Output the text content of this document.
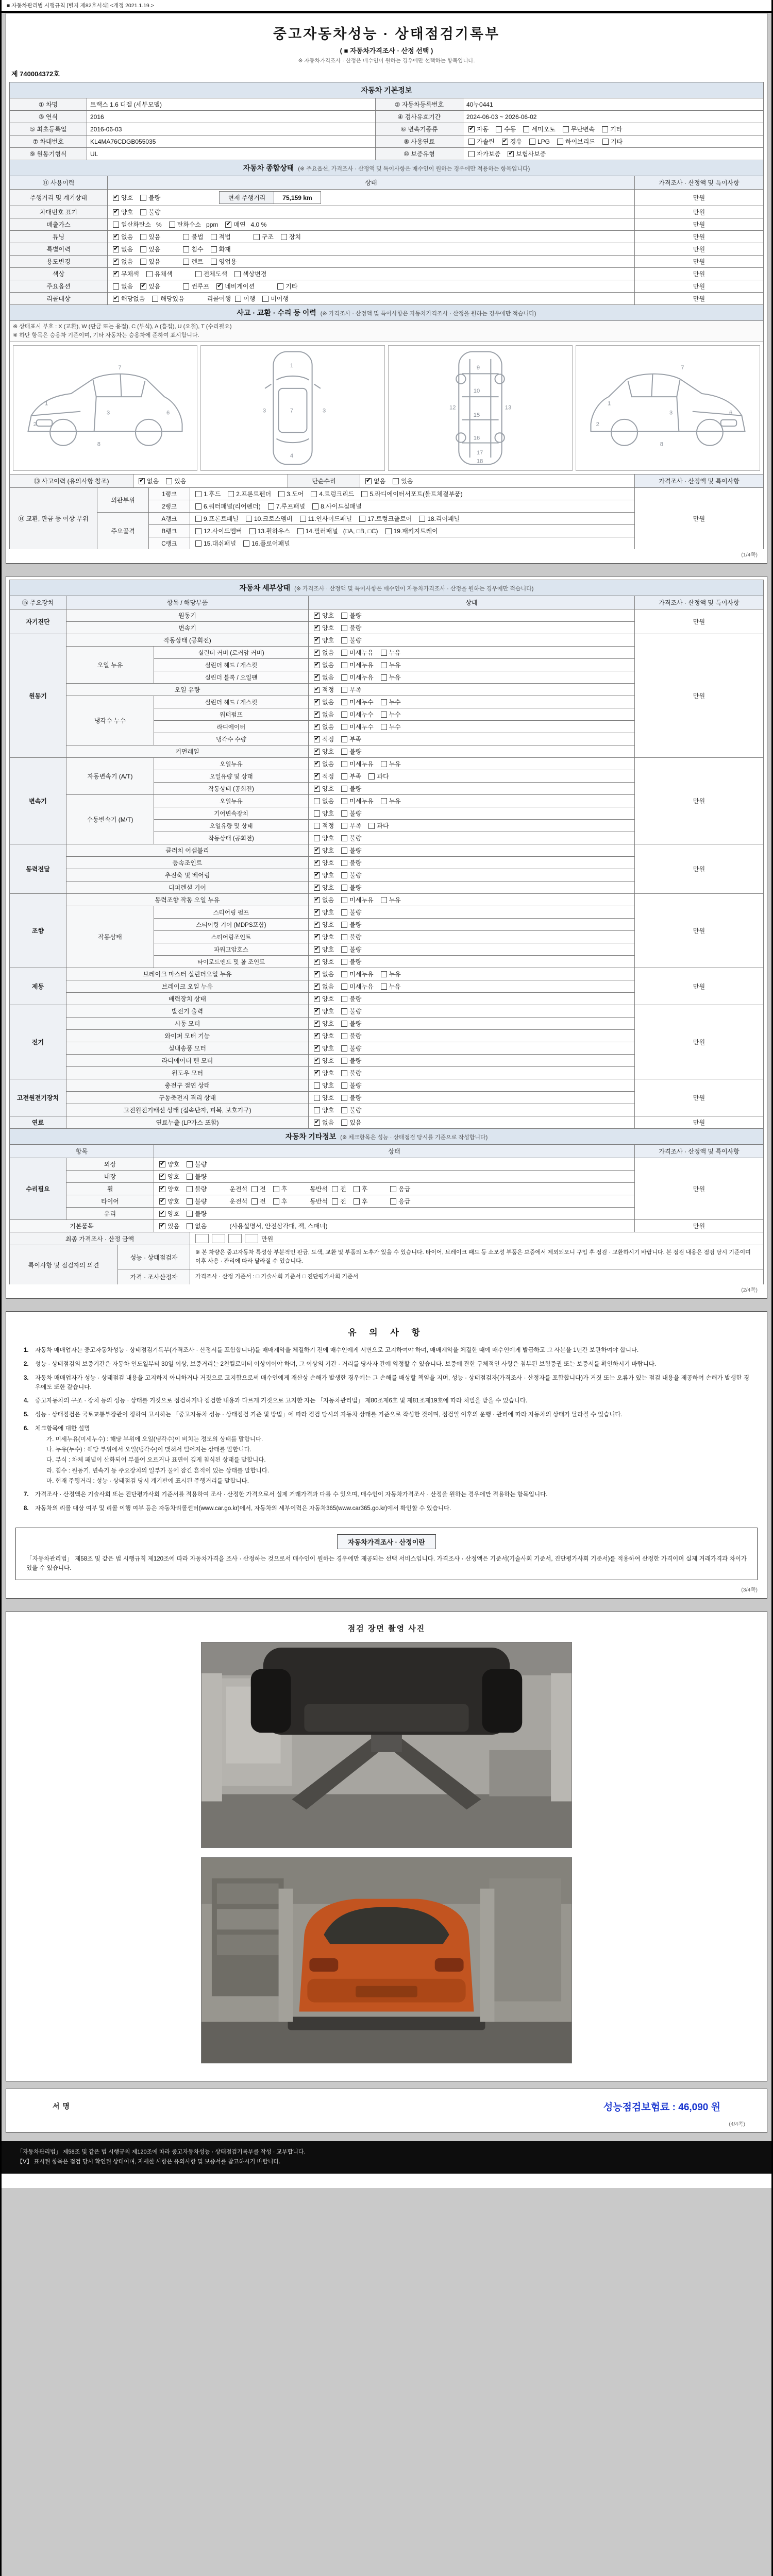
■ 자동차관리법 시행규칙 [별지 제82호서식] <개정 2021.1.19.>
중고자동차성능 · 상태점검기록부
( ■ 자동차가격조사 · 산정 선택 )
※ 자동차가격조사 · 산정은 매수인이 원하는 경우에만 선택하는 항목입니다.
제 740004372호
자동차 기본정보			
① 차명	트랙스 1.6 디젤 (세부모델)	② 자동차등록번호	40누0441
③ 연식	2016	④ 검사유효기간	2024-06-03 ~ 2026-06-02
⑤ 최초등록일	2016-06-03	⑥ 변속기종류	✔자동 수동 세미오토 무단변속 기타
⑦ 차대번호	KL4MA76CDGB055035	⑧ 사용연료	가솔린 ✔ 경유 LPG 하이브리드 기타
⑨ 원동기형식	UL	⑩ 보증유형	자가보증 ✔ 보험사보증
자동차 종합상태 (※ 주요옵션, 가격조사 · 산정액 및 특이사항은 매수인이 원하는 경우에만 적용하는 항목입니다)
⑪ 사용이력	상태	가격조사 · 산정액 및 특이사항
주행거리 및 계기상태	
✔양호	불량	현재 주행거리	75,159 km
		만원
차대번호 표기	✔양호	불량	만원
배출가스	일산화탄소 %	탄화수소 ppm ✔	매연 4.0 %	만원
튜닝	✔없음	있음	불법	적법	구조	장치	만원
특별이력	✔없음	있음	침수	화재	만원
용도변경	✔없음	있음	렌트	영업용	만원
색상	✔무채색	유채색	전체도색	색상변경	만원
주요옵션	없음 ✔	있음	썬루프 ✔	네비게이션	기타	만원
리콜대상	✔해당없음	해당있음	리콜이행 이행	미이행	만원
사고 · 교환 · 수리 등 이력 (※ 가격조사 · 산정액 및 특이사항은 자동차가격조사 · 산정을 원하는 경우에만 적습니다)

※ 상태표시 부호 : X (교환), W (판금 또는 용접), C (부식), A (흠집), U (요철), T (수리필요)
※ 하단 항목은 승용차 기준이며, 기타 자동차는 승용차에 준하여 표시합니다.

1
2
3	6
7
8
1
7
4
3	3
9
10
12	13
15
16
17
18
1
2
3	6
7
8
⑬ 사고이력 (유의사항 참조)	✔없음	있음	단순수리	✔없음	있음	가격조사 · 산정액 및 특이사항
⑭ 교환, 판금 등 이상 부위	외판부위	1랭크	1.후드 2.프론트펜더 3.도어 4.트렁크리드 5.라디에이터서포트(볼트체결부품)	만원
		2랭크	6.쿼터패널(리어펜더) 7.루프패널 8.사이드실패널	
	주요골격	A랭크	9.프론트패널 10.크로스멤버 11.인사이드패널 17.트렁크플로어 18.리어패널	
		B랭크	12.사이드멤버 13.휠하우스 14.필러패널 (□A, □B, □C) 19.패키지트레이	
		C랭크	15.대쉬패널 16.플로어패널	
(1/4쪽)
자동차 세부상태 (※ 가격조사 · 산정액 및 특이사항은 매수인이 자동차가격조사 · 산정을 원하는 경우에만 적습니다)				
⑮ 주요장치	항목 / 해당부품		상태	가격조사 · 산정액 및 특이사항
자기진단	원동기	✔양호 불량	만원
	변속기	✔양호 불량
원동기	작동상태 (공회전)	✔양호 불량	만원
	오일 누유	실린더 커버 (로커암 커버)	✔없음 미세누유 누유
		실린더 헤드 / 개스킷	✔없음 미세누유 누유
		실린더 블록 / 오일팬	✔없음 미세누유 누유
	오일 유량	✔적정 부족
	냉각수 누수	실린더 헤드 / 개스킷	✔없음 미세누수 누수
		워터펌프	✔없음 미세누수 누수
		라디에이터	✔없음 미세누수 누수
		냉각수 수량	✔적정 부족
	커먼레일	✔양호 불량
변속기	자동변속기 (A/T)	오일누유	✔없음 미세누유 누유	만원
		오일유량 및 상태	✔적정 부족 과다
		작동상태 (공회전)	✔양호 불량
	수동변속기 (M/T)	오일누유	없음 미세누유 누유	
		기어변속장치	양호 불량	
		오일유량 및 상태	적정 부족 과다	
		작동상태 (공회전)	양호 불량	
동력전달	클러치 어셈블리	✔양호 불량	만원
	등속조인트	✔양호 불량
	추진축 및 베어링	✔양호 불량
	디퍼렌셜 기어	✔양호 불량
조향	동력조향 작동 오일 누유	✔없음 미세누유 누유	만원
	작동상태	스티어링 펌프	✔양호 불량
		스티어링 기어 (MDPS포함)	✔양호 불량
		스티어링조인트	✔양호 불량
		파워고압호스	✔양호 불량
		타이로드엔드 및 볼 조인트	✔양호 불량
제동	브레이크 마스터 실린더오일 누유	✔없음 미세누유 누유	만원
	브레이크 오일 누유	✔없음 미세누유 누유
	배력장치 상태	✔양호 불량
전기	발전기 출력	✔양호 불량	만원
	시동 모터	✔양호 불량
	와이퍼 모터 기능	✔양호 불량
	실내송풍 모터	✔양호 불량
	라디에이터 팬 모터	✔양호 불량
	윈도우 모터	✔양호 불량
고전원전기장치	충전구 절연 상태		양호 불량	만원
	구동축전지 격리 상태		양호 불량	
	고전원전기배선 상태 (접속단자, 피복, 보호기구)		양호 불량	
연료	연료누출 (LP가스 포함)	✔없음 있음	만원
자동차 기타정보 (※ 체크항목은 성능 · 상태점검 당시를 기준으로 작성합니다)			
항목		상태	가격조사 · 산정액 및 특이사항
수리필요	외장	✔양호 불량	만원
	내장	✔양호 불량
	휠	✔양호 불량 운전석 전 후 동반석 전 후 응급
	타이어	✔양호 불량 운전석 전 후 동반석 전 후 응급
	유리	✔양호 불량
기본품목	✔있음 없음 (사용설명서, 안전삼각대, 잭, 스패너)	만원
최종 가격조사 · 산정 금액		만원
특이사항 및 점검자의 의견	성능 · 상태점검자	※ 본 차량은 중고자동차 특성상 부분적인 판금, 도색, 교환 및 부품의 노후가 있을 수 있습니다. 타이어, 브레이크 패드 등 소모성 부품은 보증에서 제외되오니 구입 후 점검 · 교환하시기 바랍니다. 본 점검 내용은 점검 당시 기준이며 이후 사용 · 관리에 따라 달라질 수 있습니다.
	가격 · 조사산정자	가격조사 · 산정 기준서 : □ 기술사회 기준서 □ 진단평가사회 기준서
(2/4쪽)
유 의 사 항
1.	자동차 매매업자는 중고자동차성능 · 상태점검기록부(가격조사 · 산정서를 포함합니다)를 매매계약을 체결하기 전에 매수인에게 서면으로 고지하여야 하며, 매매계약을 체결한 때에 매수인에게 발급하고 그 사본을 1년간 보관하여야 합니다.
2.	성능 · 상태점검의 보증기간은 자동차 인도일부터 30일 이상, 보증거리는 2천킬로미터 이상이어야 하며, 그 이상의 기간 · 거리를 당사자 간에 약정할 수 있습니다. 보증에 관한 구체적인 사항은 첨부된 보험증권 또는 보증서를 확인하시기 바랍니다.
3.	자동차 매매업자가 성능 · 상태점검 내용을 고지하지 아니하거나 거짓으로 고지함으로써 매수인에게 재산상 손해가 발생한 경우에는 그 손해를 배상할 책임을 지며, 성능 · 상태점검자(가격조사 · 산정자를 포함합니다)가 거짓 또는 오류가 있는 점검 내용을 제공하여 손해가 발생한 경우에도 또한 같습니다.
4.	중고자동차의 구조 · 장치 등의 성능 · 상태를 거짓으로 점검하거나 점검한 내용과 다르게 거짓으로 고지한 자는 「자동차관리법」 제80조제6호 및 제81조제19호에 따라 처벌을 받을 수 있습니다.
5.	성능 · 상태점검은 국토교통부장관이 정하여 고시하는 「중고자동차 성능 · 상태점검 기준 및 방법」에 따라 점검 당시의 자동차 상태를 기준으로 작성한 것이며, 점검일 이후의 운행 · 관리에 따라 자동차의 상태가 달라질 수 있습니다.
6.	체크항목에 대한 설명
가. 미세누유(미세누수) : 해당 부위에 오일(냉각수)이 비치는 정도의 상태를 말합니다.
나. 누유(누수) : 해당 부위에서 오일(냉각수)이 맺혀서 떨어지는 상태를 말합니다.
다. 부식 : 차체 패널이 산화되어 부풀어 오르거나 표면이 깊게 침식된 상태를 말합니다.
라. 침수 : 원동기, 변속기 등 주요장치의 일부가 물에 잠긴 흔적이 있는 상태를 말합니다.
마. 현재 주행거리 : 성능 · 상태점검 당시 계기판에 표시된 주행거리를 말합니다.
7.	가격조사 · 산정액은 기술사회 또는 진단평가사회 기준서를 적용하여 조사 · 산정한 가격으로서 실제 거래가격과 다를 수 있으며, 매수인이 자동차가격조사 · 산정을 원하는 경우에만 적용하는 항목입니다.
8.	자동차의 리콜 대상 여부 및 리콜 이행 여부 등은 자동차리콜센터(www.car.go.kr)에서, 자동차의 세부이력은 자동차365(www.car365.go.kr)에서 확인할 수 있습니다.
자동차가격조사 · 산정이란
「자동차관리법」 제58조 및 같은 법 시행규칙 제120조에 따라 자동차가격을 조사 · 산정하는 것으로서 매수인이 원하는 경우에만 제공되는 선택 서비스입니다. 가격조사 · 산정액은 기준서(기술사회 기준서, 진단평가사회 기준서)를 적용하여 산정한 가격이며 실제 거래가격과 차이가 있을 수 있습니다.
(3/4쪽)
점검 장면 촬영 사진
서명	성능점검보험료 : 46,090 원
(4/4쪽)
「자동차관리법」 제58조 및 같은 법 시행규칙 제120조에 따라 중고자동차성능 · 상태점검기록부를 작성 · 교부합니다.
【Ⅴ】 표시된 항목은 점검 당시 확인된 상태이며, 자세한 사항은 유의사항 및 보증서를 참고하시기 바랍니다.
